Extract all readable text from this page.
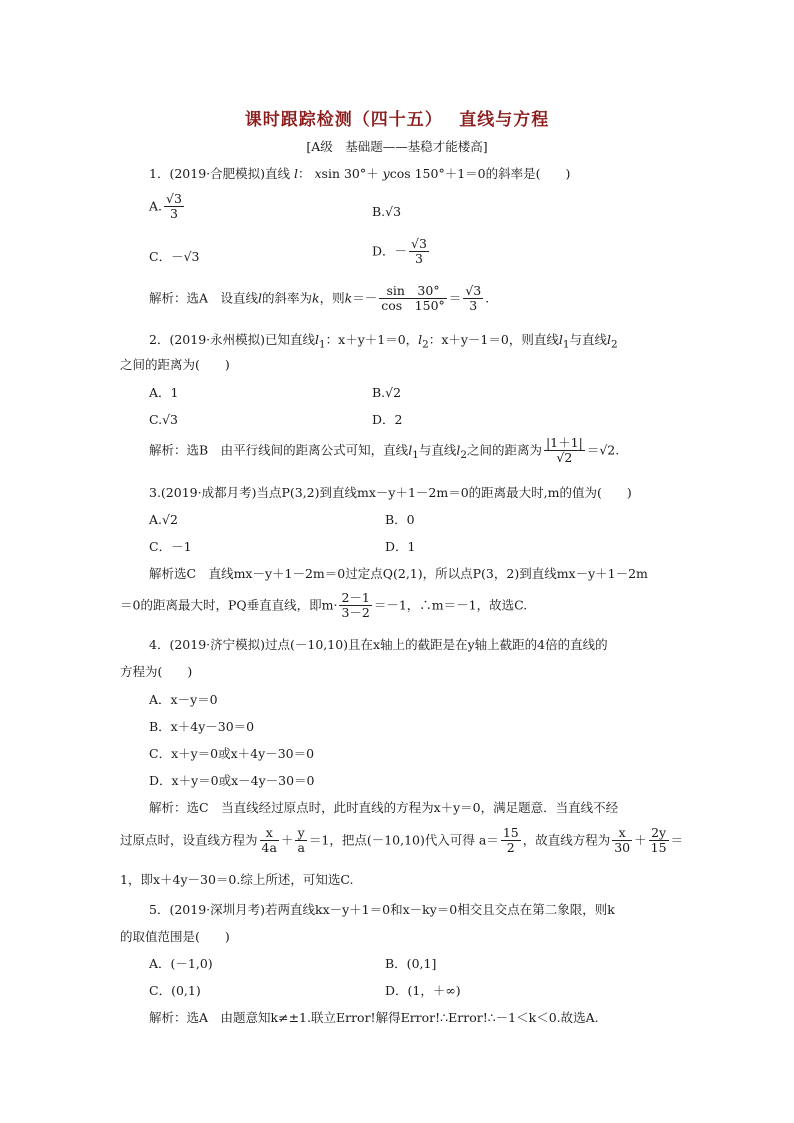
课时跟踪检测（四十五）　 直线与方程
[A级　基础题——基稳才能楼高]
1．(2019·合肥模拟)直线 l： xsin 30°＋ ycos 150°＋1＝0的斜率是(　　)
A. $\frac{√3}{3}$	B.√3
C．－√3	D．－ $\frac{√3}{3}$
解析：选A　设直线l的斜率为k，则$k=- \frac{\sin 30^\circ}{\cos 150^\circ} = \frac{√3}{3}$ .
2．(2019·永州模拟)已知直线$l_1$：x＋y＋1＝0，$l_2$：x＋y－1＝0，则直线$l_1$与直线$l_2$
之间的距离为(　　)
A．1	B.√2
C.√3	D．2
解析：选B　由平行线间的距离公式可知，直线$l_1$与直线$l_2$之间的距离为 $\frac{|1+1|}{√2} =√2$.
3.(2019·成都月考)当点P(3,2)到直线mx－y＋1－2m＝0的距离最大时,m的值为(　　)
A.√2	B．0
C．－1	D．1
解析选C　直线mx－y＋1－2m＝0过定点Q(2,1)，所以点P(3，2)到直线mx－y＋1－2m
＝0的距离最大时，PQ垂直直线，即$m\cdot \frac{2-1}{3-2} =-1$，∴m＝－1，故选C.
4．(2019·济宁模拟)过点(－10,10)且在x轴上的截距是在y轴上截距的4倍的直线的
方程为(　　)
A．x－y＝0
B．x＋4y－30＝0
C．x＋y＝0或x＋4y－30＝0
D．x＋y＝0或x－4y－30＝0
解析：选C　当直线经过原点时，此时直线的方程为x＋y＝0，满足题意．当直线不经
过原点时，设直线方程为 $\frac{x}{4a} + \frac{y}{a} =1$，把点(－10,10)代入可得 $a= \frac{15}{2}$ ，故直线方程为 $\frac{x}{30} + \frac{2y}{15}$ ＝
1，即x＋4y－30＝0.综上所述，可知选C.
5．(2019·深圳月考)若两直线kx－y＋1＝0和x－ky＝0相交且交点在第二象限，则k
的取值范围是(　　)
A．(－1,0)	B．(0,1]
C．(0,1)	D．(1，＋∞)
解析：选A　由题意知k≠±1.联立Error!解得Error!∴Error!∴－1＜k＜0.故选A.
